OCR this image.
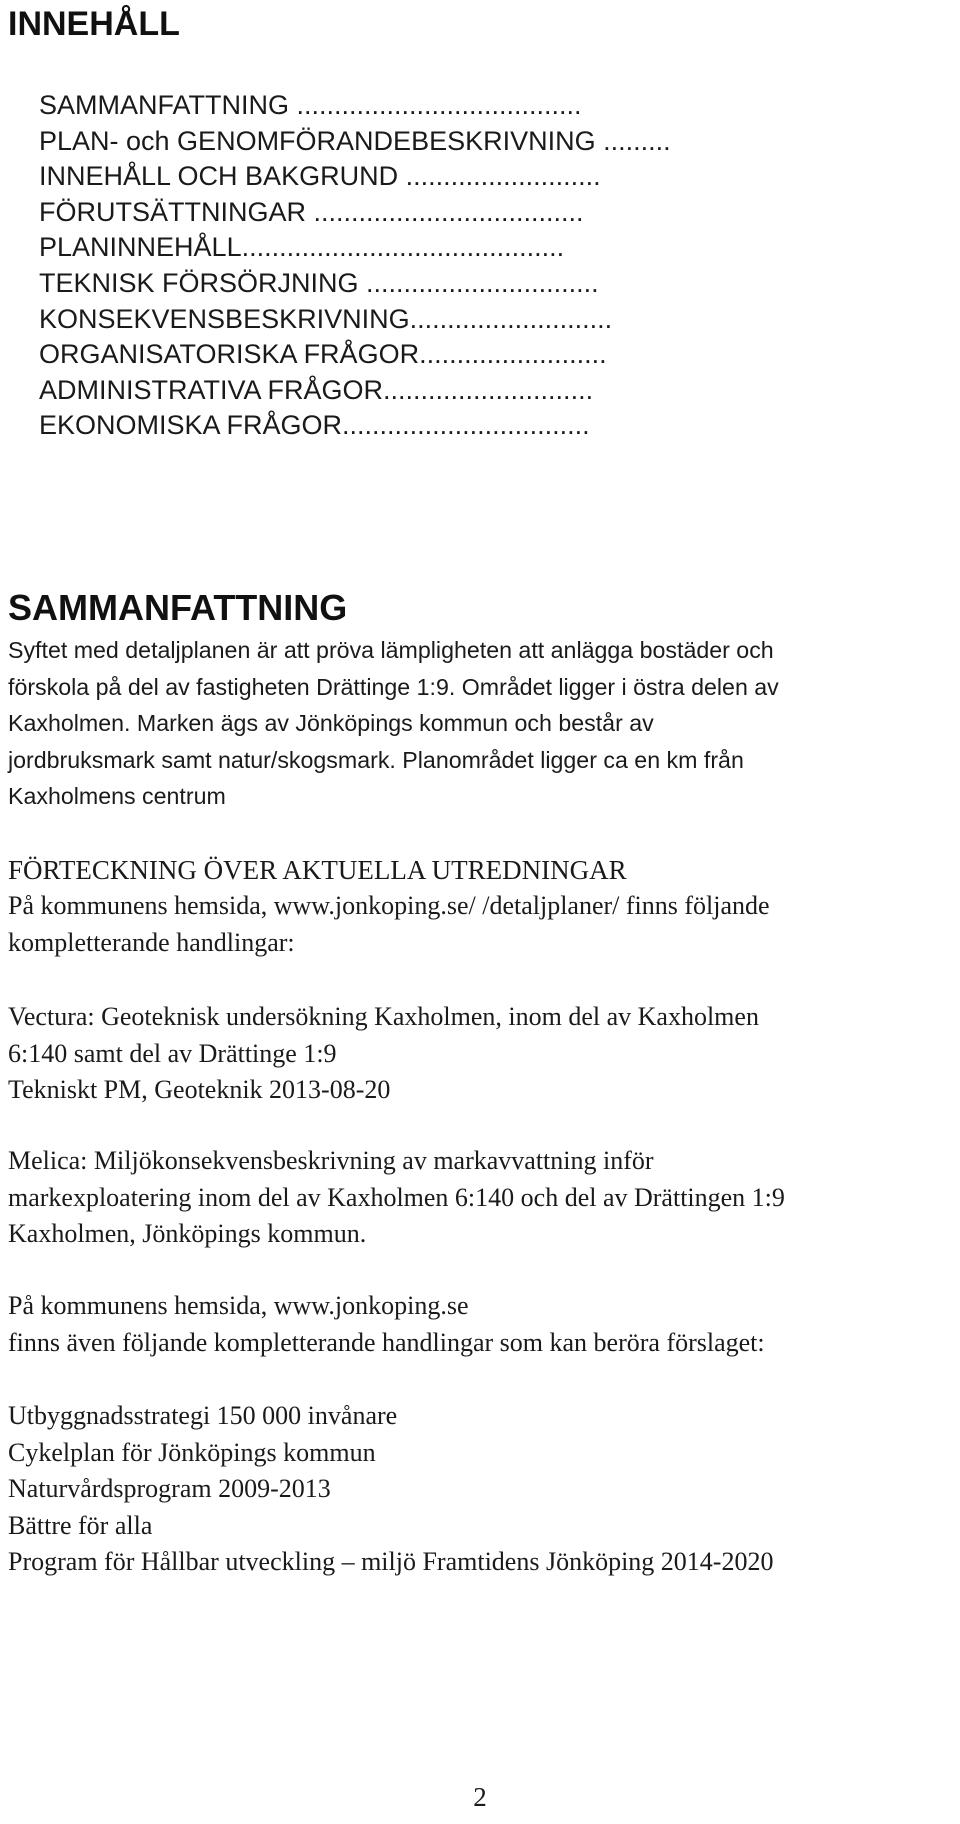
INNEHÅLL
SAMMANFATTNING ......................................
PLAN- och GENOMFÖRANDEBESKRIVNING .........
INNEHÅLL OCH BAKGRUND ..........................
FÖRUTSÄTTNINGAR ....................................
PLANINNEHÅLL...........................................
TEKNISK FÖRSÖRJNING ...............................
KONSEKVENSBESKRIVNING...........................
ORGANISATORISKA FRÅGOR.........................
ADMINISTRATIVA FRÅGOR............................
EKONOMISKA FRÅGOR.................................
SAMMANFATTNING

Syftet med detaljplanen är att pröva lämpligheten att anlägga bostäder och
förskola på del av fastigheten Drättinge 1:9. Området ligger i östra delen av
Kaxholmen. Marken ägs av Jönköpings kommun och består av
jordbruksmark samt natur/skogsmark. Planområdet ligger ca en km från
Kaxholmens centrum

FÖRTECKNING ÖVER AKTUELLA UTREDNINGAR

På kommunens hemsida, www.jonkoping.se/ /detaljplaner/ finns följande
kompletterande handlingar:

Vectura: Geoteknisk undersökning Kaxholmen, inom del av Kaxholmen
6:140 samt del av Drättinge 1:9
Tekniskt PM, Geoteknik 2013-08-20

Melica: Miljökonsekvensbeskrivning av markavvattning inför
markexploatering inom del av Kaxholmen 6:140 och del av Drättingen 1:9
Kaxholmen, Jönköpings kommun.

På kommunens hemsida, www.jonkoping.se
finns även följande kompletterande handlingar som kan beröra förslaget:

Utbyggnadsstrategi 150 000 invånare
Cykelplan för Jönköpings kommun
Naturvårdsprogram 2009-2013
Bättre för alla
Program för Hållbar utveckling – miljö Framtidens Jönköping 2014-2020

2
